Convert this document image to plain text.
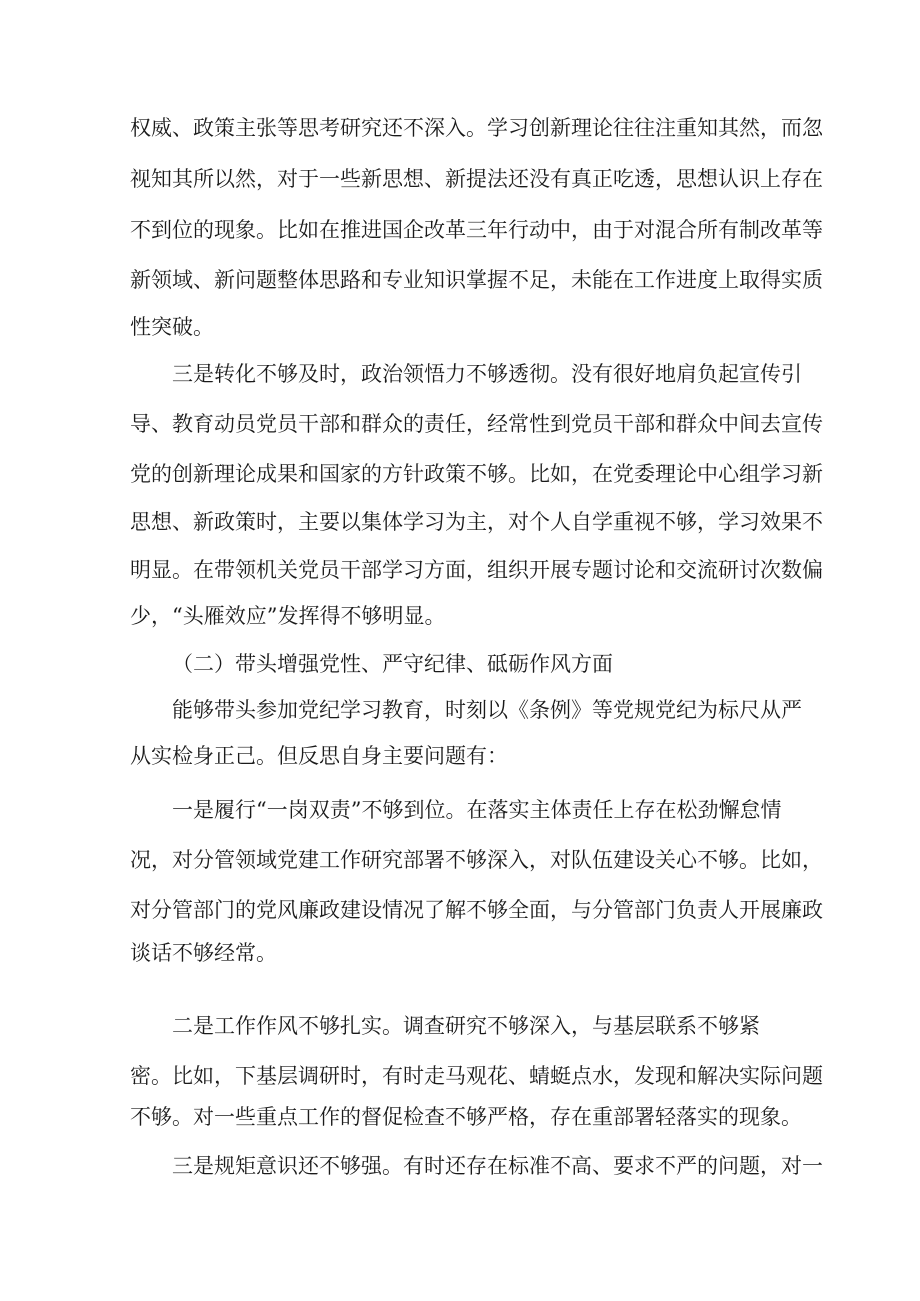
权威、政策主张等思考研究还不深入。学习创新理论往往注重知其然，而忽
视知其所以然，对于一些新思想、新提法还没有真正吃透，思想认识上存在
不到位的现象。比如在推进国企改革三年行动中，由于对混合所有制改革等
新领域、新问题整体思路和专业知识掌握不足，未能在工作进度上取得实质
性突破。
三是转化不够及时，政治领悟力不够透彻。没有很好地肩负起宣传引
导、教育动员党员干部和群众的责任，经常性到党员干部和群众中间去宣传
党的创新理论成果和国家的方针政策不够。比如，在党委理论中心组学习新
思想、新政策时，主要以集体学习为主，对个人自学重视不够，学习效果不
明显。在带领机关党员干部学习方面，组织开展专题讨论和交流研讨次数偏
少，“头雁效应”发挥得不够明显。
（二）带头增强党性、严守纪律、砥砺作风方面
能够带头参加党纪学习教育，时刻以《条例》等党规党纪为标尺从严
从实检身正己。但反思自身主要问题有：
一是履行“一岗双责”不够到位。在落实主体责任上存在松劲懈怠情
况，对分管领域党建工作研究部署不够深入，对队伍建设关心不够。比如，
对分管部门的党风廉政建设情况了解不够全面，与分管部门负责人开展廉政
谈话不够经常。
二是工作作风不够扎实。调查研究不够深入，与基层联系不够紧
密。比如，下基层调研时，有时走马观花、蜻蜓点水，发现和解决实际问题
不够。对一些重点工作的督促检查不够严格，存在重部署轻落实的现象。
三是规矩意识还不够强。有时还存在标准不高、要求不严的问题，对一
